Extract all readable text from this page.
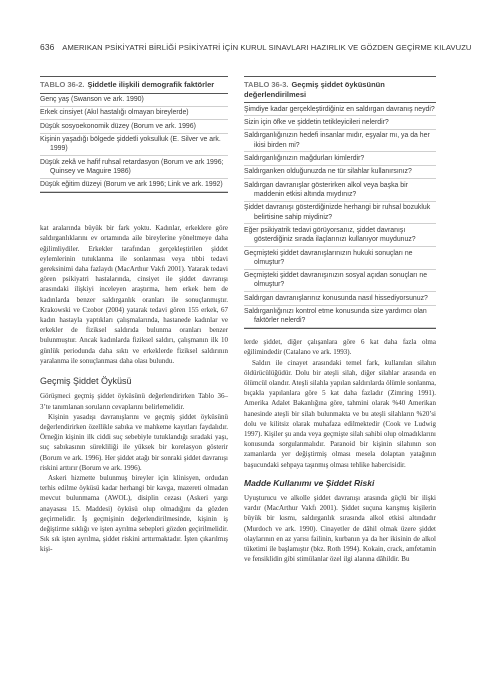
636 AMERIKAN PSİKİYATRİ BİRLİĞİ PSİKİYATRİ İÇİN KURUL SINAVLARI HAZIRLIK VE GÖZDEN GEÇİRME KILAVUZU
TABLO 36-2. Şiddetle ilişkili demografik faktörler
Genç yaş (Swanson ve ark. 1990)
Erkek cinsiyet (Akıl hastalığı olmayan bireylerde)
Düşük sosyoekonomik düzey (Borum ve ark. 1996)
Kişinin yaşadığı bölgede şiddetli yoksulluk (E. Silver ve ark. 1999)
Düşük zekâ ve hafif ruhsal retardasyon (Borum ve ark 1996; Quinsey ve Maguire 1986)
Düşük eğitim düzeyi (Borum ve ark 1996; Link ve ark. 1992)

kat aralarında büyük bir fark yoktu. Kadınlar, erkeklere göre saldırganlıklarını ev ortamında aile bireylerine yöneltmeye daha eğilimliydiler. Erkekler tarafından gerçekleştirilen şiddet eylemlerinin tutuklanma ile sonlanması veya tıbbi tedavi gereksinimi daha fazlaydı (MacArthur Vakfı 2001). Yatarak tedavi gören psikiyatri hastalarında, cinsiyet ile şiddet davranışı arasındaki ilişkiyi inceleyen araştırma, hem erkek hem de kadınlarda benzer saldırganlık oranları ile sonuçlanmıştır. Krakowski ve Czobor (2004) yatarak tedavi gören 155 erkek, 67 kadın hastayla yaptıkları çalışmalarında, hastanede kadınlar ve erkekler de fiziksel saldırıda bulunma oranları benzer bulunmuştur. Ancak kadınlarda fiziksel saldırı, çalışmanın ilk 10 günlük periodunda daha sıktı ve erkeklerde fiziksel saldırının yaralanma ile sonuçlanması daha olası bulundu.

Geçmiş Şiddet Öyküsü

Görüşmeci geçmiş şiddet öyküsünü değerlendirirken Tablo 36–3’te tanımlanan soruların cevaplarını belirlemelidir.

Kişinin yasadışı davranışlarını ve geçmiş şiddet öyküsünü değerlendirirken özellikle sabıka ve mahkeme kayıtları faydalıdır. Örneğin kişinin ilk ciddi suç sebebiyle tutuklandığı sıradaki yaşı, suç sabıkasının sürekliliği ile yüksek bir korelasyon gösterir (Borum ve ark. 1996). Her şiddet atağı bir sonraki şiddet davranışı riskini arttırır (Borum ve ark. 1996).

Askeri hizmette bulunmuş bireyler için klinisyen, ordudan terhis edilme öyküsü kadar herhangi bir kavga, mazereti olmadan mevcut bulunmama (AWOL), disiplin cezası (Askeri yargı anayasası 15. Maddesi) öyküsü olup olmadığını da gözden geçirmelidir. İş geçmişinin değerlendirilmesinde, kişinin iş değiştirme sıklığı ve işten ayrılma sebepleri gözden geçirilmelidir. Sık sık işten ayrılma, şiddet riskini arttırmaktadır. İşten çıkarılmış kişi-

TABLO 36-3. Geçmiş şiddet öyküsünün değerlendirilmesi
Şimdiye kadar gerçekleştirdiğiniz en saldırgan davranış neydi?
Sizin için öfke ve şiddetin tetikleyicileri nelerdir?
Saldırganlığınızın hedefi insanlar mıdır, eşyalar mı, ya da her ikisi birden mi?
Saldırganlığınızın mağdurları kimlerdir?
Saldırganken olduğunuzda ne tür silahlar kullanırsınız?
Saldırgan davranışlar gösterirken alkol veya başka bir maddenin etkisi altında mıydınız?
Şiddet davranışı gösterdiğinizde herhangi bir ruhsal bozukluk belirtisine sahip miydiniz?
Eğer psikiyatrik tedavi görüyorsanız, şiddet davranışı gösterdiğiniz sırada ilaçlarınızı kullanıyor muydunuz?
Geçmişteki şiddet davranışlarınızın hukuki sonuçları ne olmuştur?
Geçmişteki şiddet davranışınızın sosyal açıdan sonuçları ne olmuştur?
Saldırgan davranışlarınız konusunda nasıl hissediyorsunuz?
Saldırganlığınızı kontrol etme konusunda size yardımcı olan faktörler nelerdi?

lerde şiddet, diğer çalışanlara göre 6 kat daha fazla olma eğilimindedir (Catalano ve ark. 1993).

Saldırı ile cinayet arasındaki temel fark, kullanılan silahın öldürücülüğüdür. Dolu bir ateşli silah, diğer silahlar arasında en ölümcül olandır. Ateşli silahla yapılan saldırılarda ölümle sonlanma, bıçakla yapılanlara göre 5 kat daha fazladır (Zimring 1991). Amerika Adalet Bakanlığına göre, tahmini olarak %40 Amerikan hanesinde ateşli bir silah bulunmakta ve bu ateşli silahların %20’si dolu ve kilitsiz olarak muhafaza edilmektedir (Cook ve Ludwig 1997). Kişiler şu anda veya geçmişte silah sahibi olup olmadıklarını konusunda sorgulanmalıdır. Paranoid bir kişinin silahının son zamanlarda yer değiştirmiş olması mesela dolaptan yatağının başucundaki sehpaya taşınmış olması tehlike habercisidir.

Madde Kullanımı ve Şiddet Riski

Uyuşturucu ve alkolle şiddet davranışı arasında güçlü bir ilişki vardır (MacArthur Vakfı 2001). Şiddet suçuna karışmış kişilerin büyük bir kısmı, saldırganlık sırasında alkol etkisi altındadır (Murdoch ve ark. 1990). Cinayetler de dâhil olmak üzere şiddet olaylarının en az yarısı failinin, kurbanın ya da her ikisinin de alkol tüketimi ile başlamıştır (bkz. Roth 1994). Kokain, crack, amfetamin ve fensiklidin gibi stimülanlar özel ilgi alanına dâhildir. Bu
